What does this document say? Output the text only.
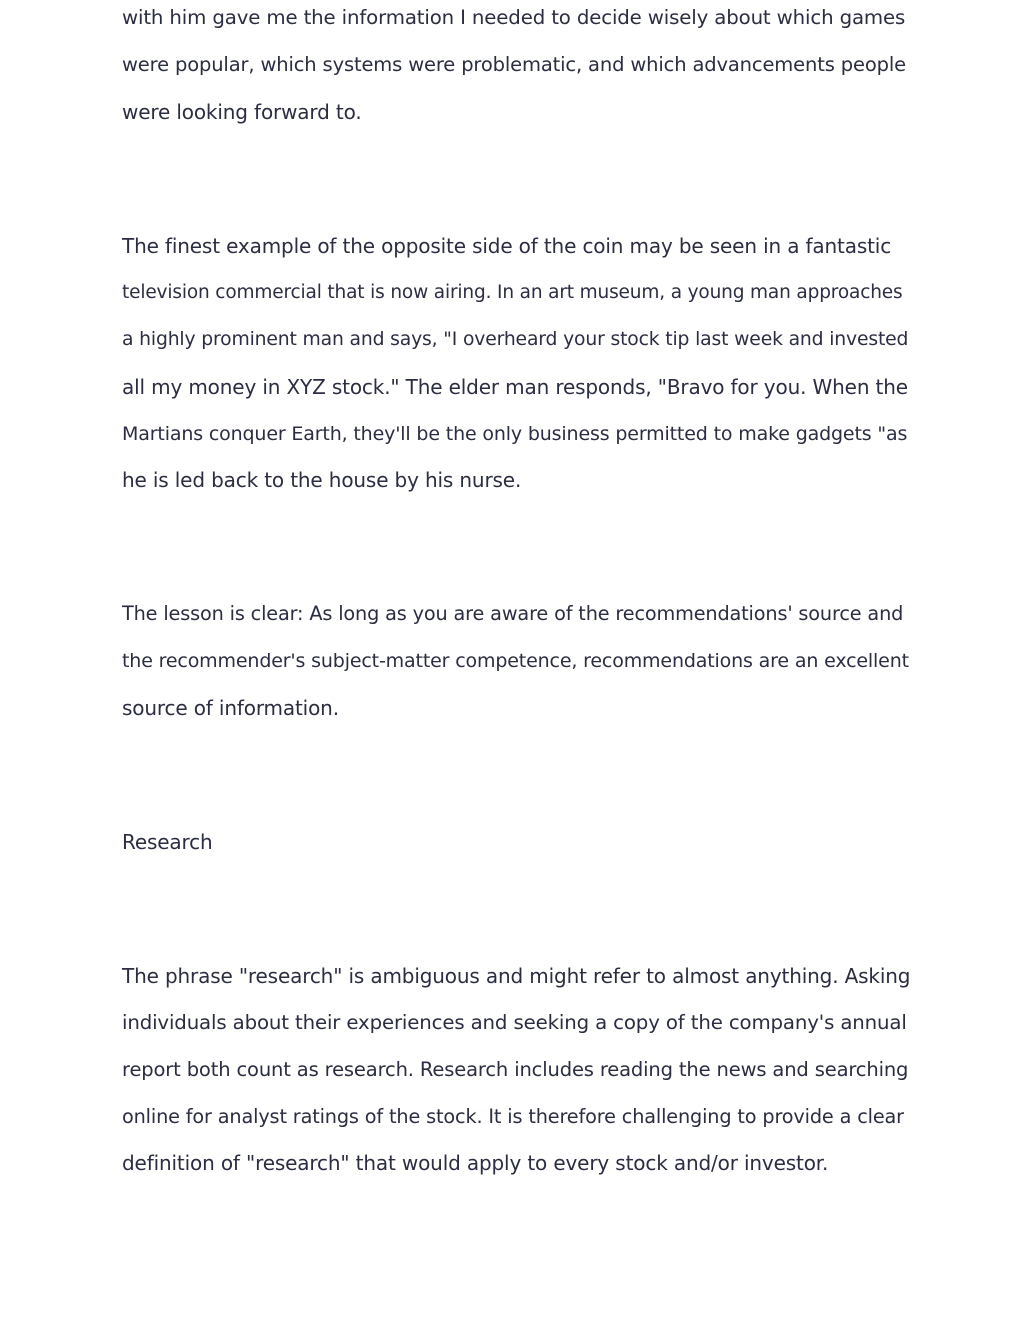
with him gave me the information I needed to decide wisely about which games
were popular, which systems were problematic, and which advancements people
were looking forward to.
The finest example of the opposite side of the coin may be seen in a fantastic
television commercial that is now airing. In an art museum, a young man approaches
a highly prominent man and says, "I overheard your stock tip last week and invested
all my money in XYZ stock." The elder man responds, "Bravo for you. When the
Martians conquer Earth, they'll be the only business permitted to make gadgets "as
he is led back to the house by his nurse.
The lesson is clear: As long as you are aware of the recommendations' source and
the recommender's subject-matter competence, recommendations are an excellent
source of information.
Research
The phrase "research" is ambiguous and might refer to almost anything. Asking
individuals about their experiences and seeking a copy of the company's annual
report both count as research. Research includes reading the news and searching
online for analyst ratings of the stock. It is therefore challenging to provide a clear
definition of "research" that would apply to every stock and/or investor.
